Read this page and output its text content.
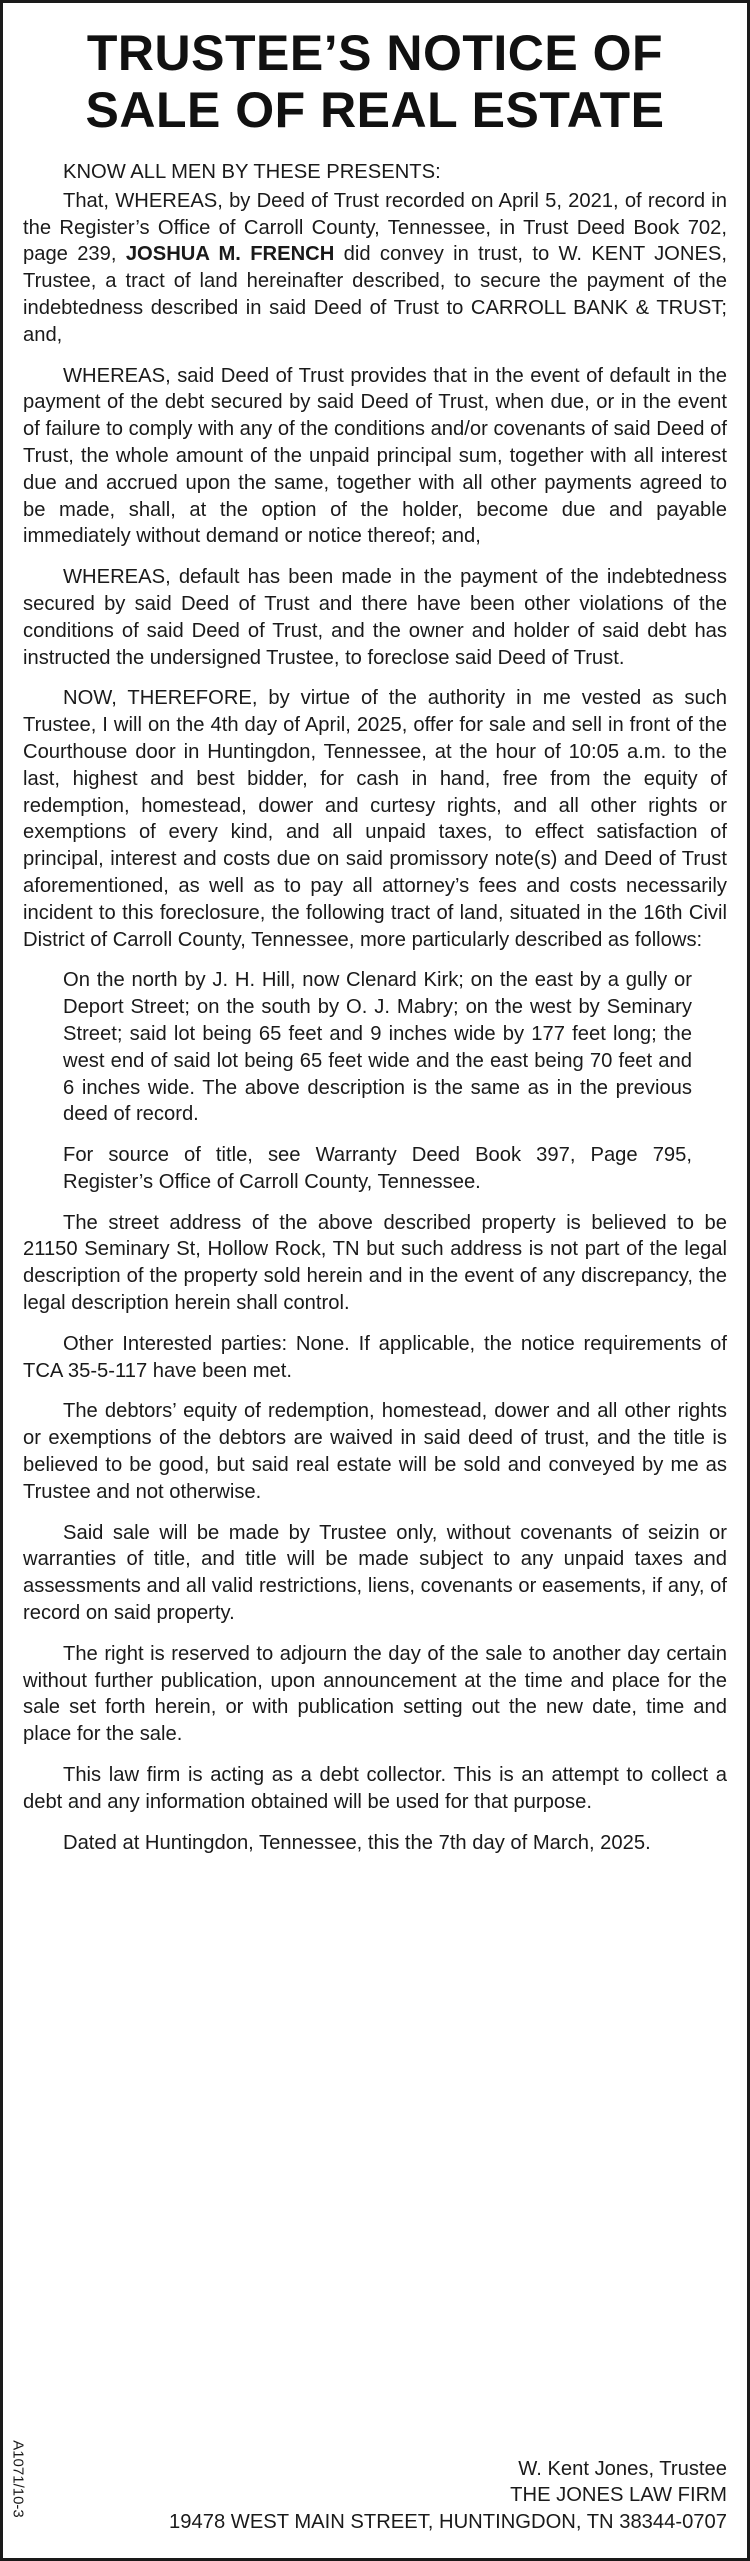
TRUSTEE’S NOTICE OF
SALE OF REAL ESTATE

KNOW ALL MEN BY THESE PRESENTS:

That, WHEREAS, by Deed of Trust recorded on April 5, 2021, of record in the Register’s Office of Carroll County, Tennessee, in Trust Deed Book 702, page 239, JOSHUA M. FRENCH did convey in trust, to W. KENT JONES, Trustee, a tract of land hereinafter described, to secure the payment of the indebtedness described in said Deed of Trust to CARROLL BANK & TRUST; and,

WHEREAS, said Deed of Trust provides that in the event of default in the payment of the debt secured by said Deed of Trust, when due, or in the event of failure to comply with any of the conditions and/or covenants of said Deed of Trust, the whole amount of the unpaid principal sum, together with all interest due and accrued upon the same, together with all other payments agreed to be made, shall, at the option of the holder, become due and payable immediately without demand or notice thereof; and,

WHEREAS, default has been made in the payment of the indebtedness secured by said Deed of Trust and there have been other violations of the conditions of said Deed of Trust, and the owner and holder of said debt has instructed the undersigned Trustee, to foreclose said Deed of Trust.

NOW, THEREFORE, by virtue of the authority in me vested as such Trustee, I will on the 4th day of April, 2025, offer for sale and sell in front of the Courthouse door in Huntingdon, Tennessee, at the hour of 10:05 a.m. to the last, highest and best bidder, for cash in hand, free from the equity of redemption, homestead, dower and curtesy rights, and all other rights or exemptions of every kind, and all unpaid taxes, to effect satisfaction of principal, interest and costs due on said promissory note(s) and Deed of Trust aforementioned, as well as to pay all attorney’s fees and costs necessarily incident to this foreclosure, the following tract of land, situated in the 16th Civil District of Carroll County, Tennessee, more particularly described as follows:

On the north by J. H. Hill, now Clenard Kirk; on the east by a gully or Deport Street; on the south by O. J. Mabry; on the west by Seminary Street; said lot being 65 feet and 9 inches wide by 177 feet long; the west end of said lot being 65 feet wide and the east being 70 feet and 6 inches wide. The above description is the same as in the previous deed of record.

For source of title, see Warranty Deed Book 397, Page 795, Register’s Office of Carroll County, Tennessee.

The street address of the above described property is believed to be 21150 Seminary St, Hollow Rock, TN but such address is not part of the legal description of the property sold herein and in the event of any discrepancy, the legal description herein shall control.

Other Interested parties: None. If applicable, the notice requirements of TCA 35-5-117 have been met.

The debtors’ equity of redemption, homestead, dower and all other rights or exemptions of the debtors are waived in said deed of trust, and the title is believed to be good, but said real estate will be sold and conveyed by me as Trustee and not otherwise.

Said sale will be made by Trustee only, without covenants of seizin or warranties of title, and title will be made subject to any unpaid taxes and assessments and all valid restrictions, liens, covenants or easements, if any, of record on said property.

The right is reserved to adjourn the day of the sale to another day certain without further publication, upon announcement at the time and place for the sale set forth herein, or with publication setting out the new date, time and place for the sale.

This law firm is acting as a debt collector. This is an attempt to collect a debt and any information obtained will be used for that purpose.

Dated at Huntingdon, Tennessee, this the 7th day of March, 2025.

W. Kent Jones, Trustee
THE JONES LAW FIRM
19478 WEST MAIN STREET, HUNTINGDON, TN 38344-0707
A1071/10-3
